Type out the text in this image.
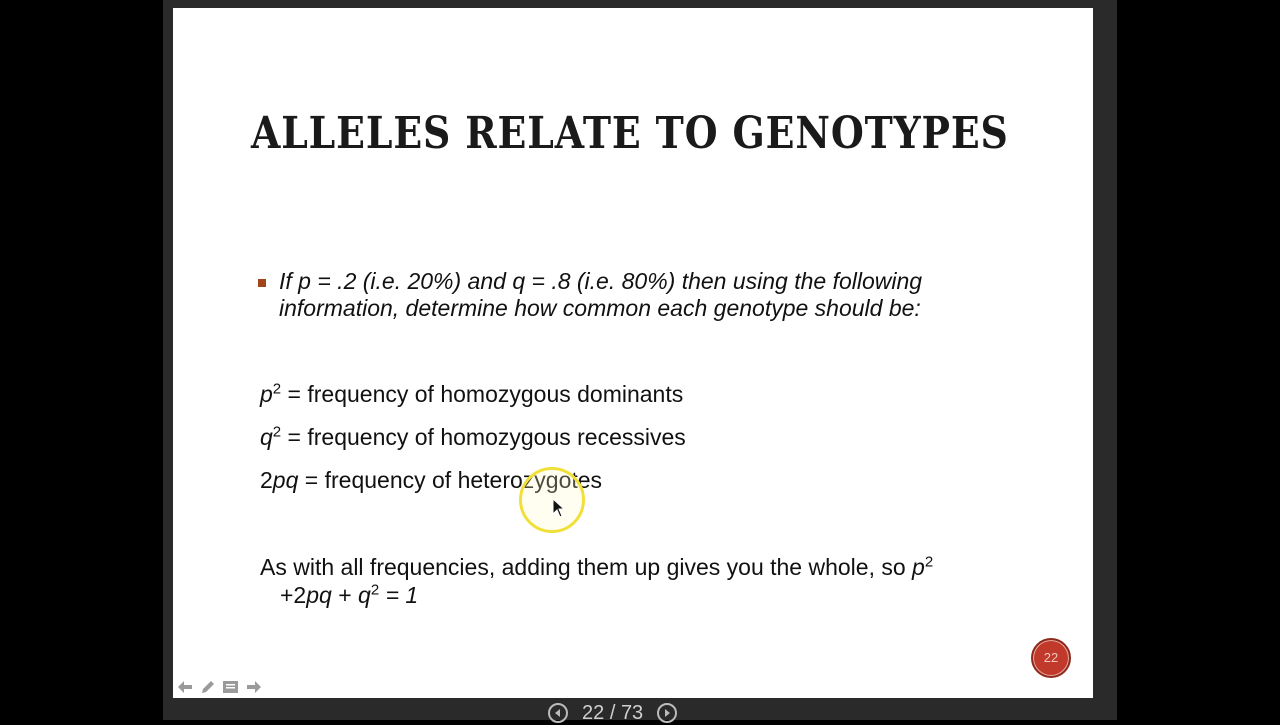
ALLELES RELATE TO GENOTYPES
If p = .2 (i.e. 20%) and q = .8 (i.e. 80%) then using the following information, determine how common each genotype should be:
$p^2$ = frequency of homozygous dominants
$q^2$ = frequency of homozygous recessives
2pq = frequency of heterozygotes
As with all frequencies, adding them up gives you the whole, so $p^2$
$+2pq + q^2 = 1$
22
22 / 73
